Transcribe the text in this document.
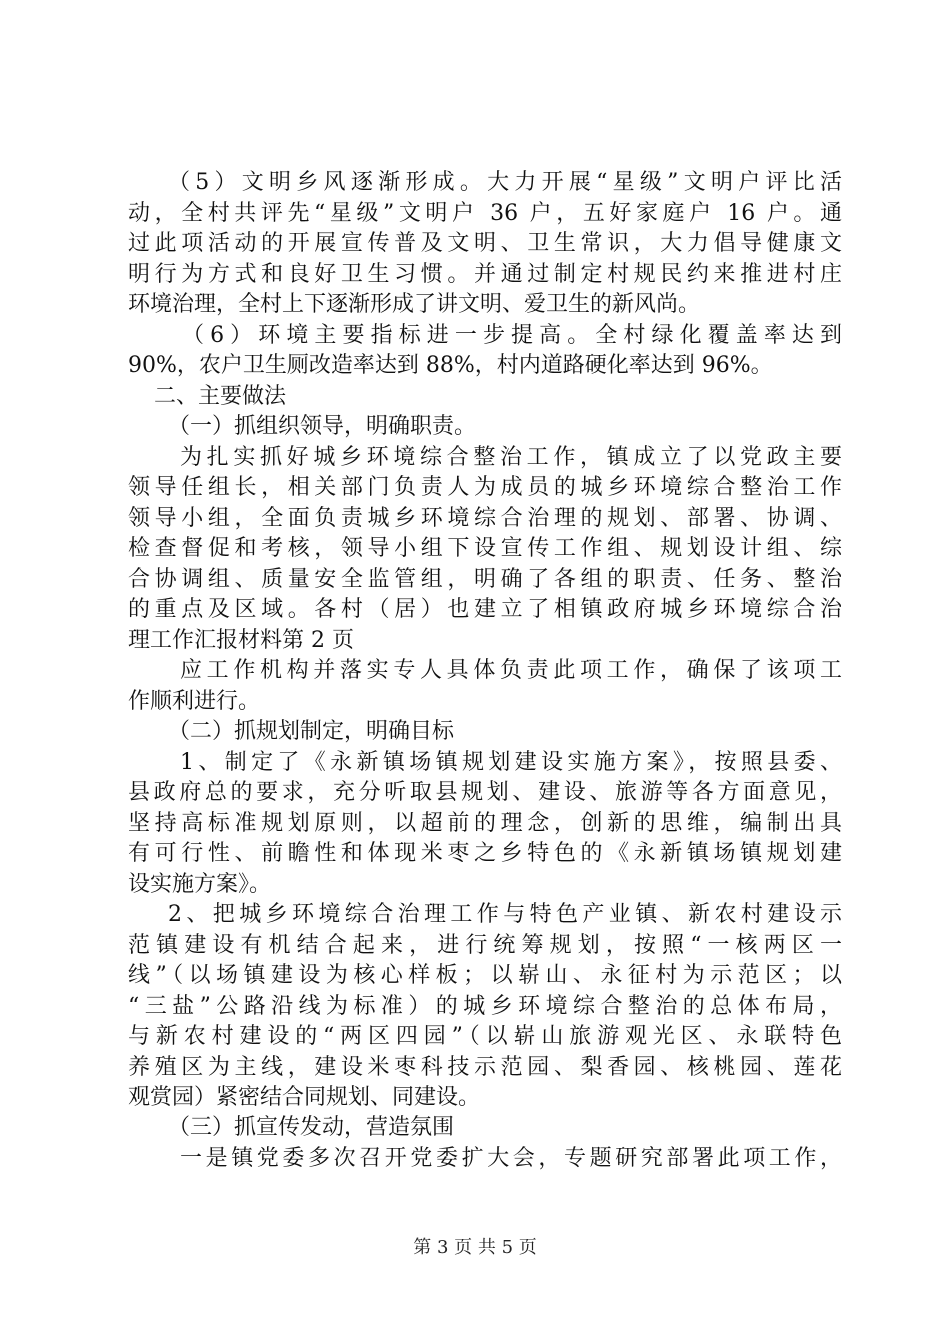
（5）文明乡风逐渐形成。大力开展“星级”文明户评比活
动，全村共评先“星级”文明户 36 户，五好家庭户 16 户。通
过此项活动的开展宣传普及文明、卫生常识，大力倡导健康文
明行为方式和良好卫生习惯。并通过制定村规民约来推进村庄
环境治理，全村上下逐渐形成了讲文明、爱卫生的新风尚。
（6）环境主要指标进一步提高。全村绿化覆盖率达到
90%，农户卫生厕改造率达到 88%，村内道路硬化率达到 96%。
二、主要做法
（一）抓组织领导，明确职责。
为扎实抓好城乡环境综合整治工作，镇成立了以党政主要
领导任组长，相关部门负责人为成员的城乡环境综合整治工作
领导小组，全面负责城乡环境综合治理的规划、部署、协调、
检查督促和考核，领导小组下设宣传工作组、规划设计组、综
合协调组、质量安全监管组，明确了各组的职责、任务、整治
的重点及区域。各村（居）也建立了相镇政府城乡环境综合治
理工作汇报材料第 2 页
应工作机构并落实专人具体负责此项工作，确保了该项工
作顺利进行。
（二）抓规划制定，明确目标
1、制定了《永新镇场镇规划建设实施方案》，按照县委、
县政府总的要求，充分听取县规划、建设、旅游等各方面意见，
坚持高标准规划原则，以超前的理念，创新的思维，编制出具
有可行性、前瞻性和体现米枣之乡特色的《永新镇场镇规划建
设实施方案》。
2、把城乡环境综合治理工作与特色产业镇、新农村建设示
范镇建设有机结合起来，进行统筹规划，按照“一核两区一
线”（以场镇建设为核心样板；以崭山、永征村为示范区；以
“三盐”公路沿线为标准）的城乡环境综合整治的总体布局，
与新农村建设的“两区四园”（以崭山旅游观光区、永联特色
养殖区为主线，建设米枣科技示范园、梨香园、核桃园、莲花
观赏园）紧密结合同规划、同建设。
（三）抓宣传发动，营造氛围
一是镇党委多次召开党委扩大会，专题研究部署此项工作，
第 3 页 共 5 页
